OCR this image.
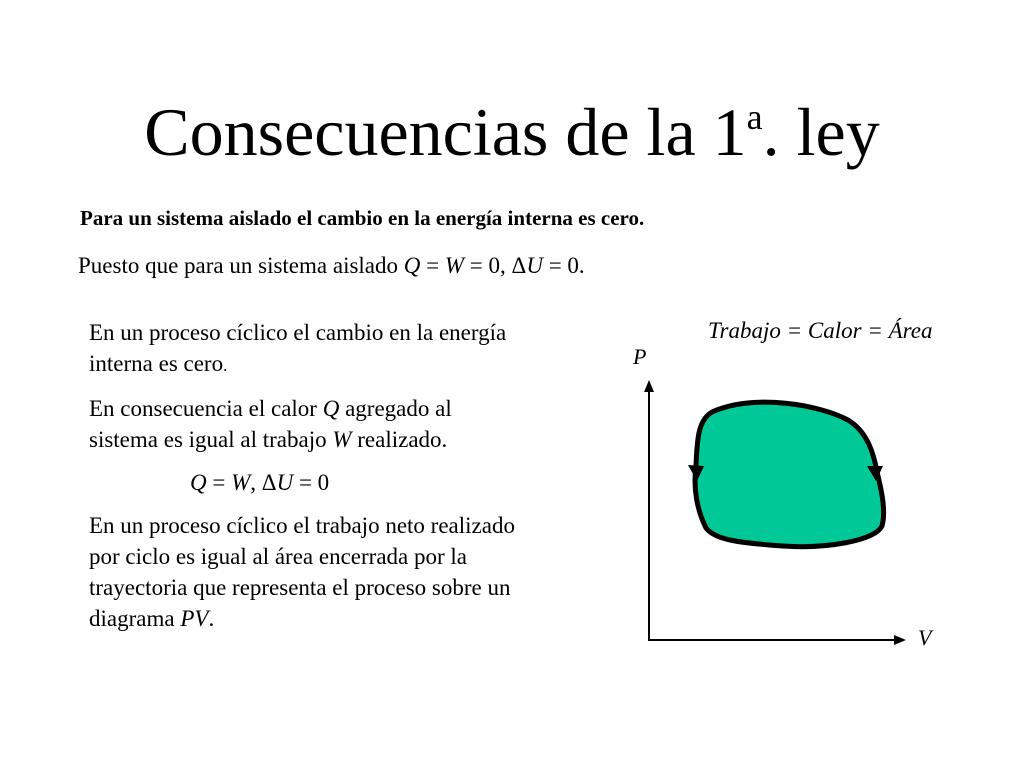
Consecuencias de la 1$^a$. ley
Para un sistema aislado el cambio en la energía interna es cero.
Puesto que para un sistema aislado Q = W = 0, ΔU = 0.

En un proceso cíclico el cambio en la energía interna es cero.

En consecuencia el calor Q agregado al sistema es igual al trabajo W realizado.

Q = W, ΔU = 0

En un proceso cíclico el trabajo neto realizado por ciclo es igual al área encerrada por la trayectoria que representa el proceso sobre un diagrama PV.

Trabajo = Calor = Área
P
V
